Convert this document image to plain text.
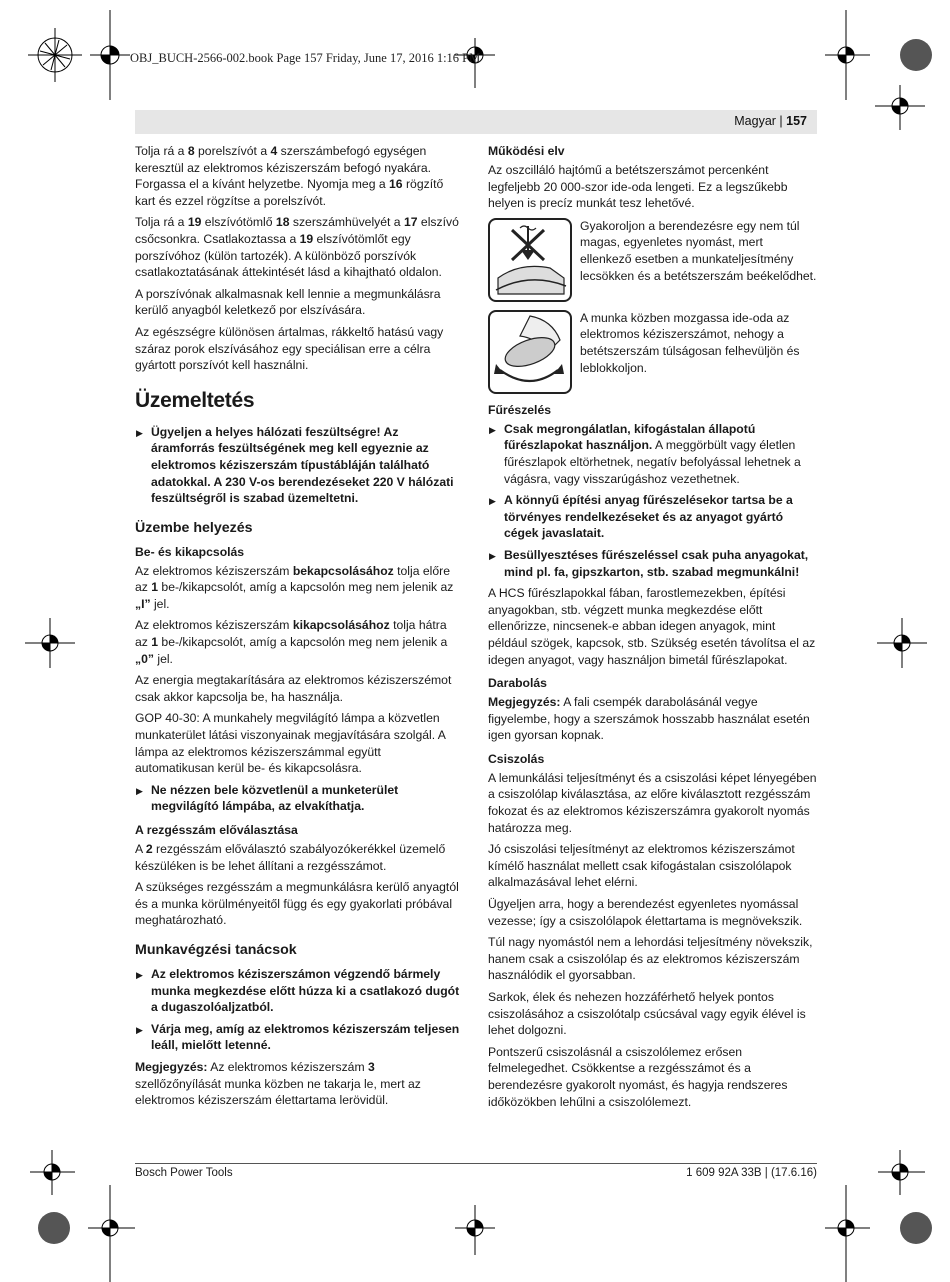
OBJ_BUCH-2566-002.book Page 157 Friday, June 17, 2016 1:16 PM
Magyar | 157

Tolja rá a 8 porelszívót a 4 szerszámbefogó egységen keresztül az elektromos kéziszerszám befogó nyakára. Forgassa el a kívánt helyzetbe. Nyomja meg a 16 rögzítő kart és ezzel rögzítse a porelszívót.

Tolja rá a 19 elszívótömlő 18 szerszámhüvelyét a 17 elszívó csőcsonkra. Csatlakoztassa a 19 elszívótömlőt egy porszívóhoz (külön tartozék). A különböző porszívók csatlakoztatásának áttekintését lásd a kihajtható oldalon.

A porszívónak alkalmasnak kell lennie a megmunkálásra kerülő anyagból keletkező por elszívására.

Az egészségre különösen ártalmas, rákkeltő hatású vagy száraz porok elszívásához egy speciálisan erre a célra gyártott porszívót kell használni.

Üzemeltetés
▶ Ügyeljen a helyes hálózati feszültségre! Az áramforrás feszültségének meg kell egyeznie az elektromos kéziszerszám típustábláján található adatokkal. A 230 V-os berendezéseket 220 V hálózati feszültségről is szabad üzemeltetni.
Üzembe helyezés
Be- és kikapcsolás

Az elektromos kéziszerszám bekapcsolásához tolja előre az 1 be-/kikapcsolót, amíg a kapcsolón meg nem jelenik az „I” jel.

Az elektromos kéziszerszám kikapcsolásához tolja hátra az 1 be-/kikapcsolót, amíg a kapcsolón meg nem jelenik a „0” jel.

Az energia megtakarítására az elektromos kéziszerszémot csak akkor kapcsolja be, ha használja.

GOP 40-30: A munkahely megvilágító lámpa a közvetlen munkaterület látási viszonyainak megjavítására szolgál. A lámpa az elektromos kéziszerszámmal együtt automatikusan kerül be- és kikapcsolásra.

▶ Ne nézzen bele közvetlenül a munketerület megvilágító lámpába, az elvakíthatja.
A rezgésszám előválasztása

A 2 rezgésszám előválasztó szabályozókerékkel üzemelő készüléken is be lehet állítani a rezgésszámot.

A szükséges rezgésszám a megmunkálásra kerülő anyagtól és a munka körülményeitől függ és egy gyakorlati próbával meghatározható.

Munkavégzési tanácsok
▶ Az elektromos kéziszerszámon végzendő bármely munka megkezdése előtt húzza ki a csatlakozó dugót a dugaszolóaljzatból.
▶ Várja meg, amíg az elektromos kéziszerszám teljesen leáll, mielőtt letenné.

Megjegyzés: Az elektromos kéziszerszám 3 szellőzőnyílását munka közben ne takarja le, mert az elektromos kéziszerszám élettartama lerövidül.

Működési elv

Az oszcilláló hajtómű a betétszerszámot percenként legfeljebb 20 000-szor ide-oda lengeti. Ez a legszűkebb helyen is precíz munkát tesz lehetővé.

Gyakoroljon a berendezésre egy nem túl magas, egyenletes nyomást, mert ellenkező esetben a munkateljesítmény lecsökken és a betétszerszám beékelődhet.
A munka közben mozgassa ide-oda az elektromos kéziszerszámot, nehogy a betétszerszám túlságosan felhevüljön és leblokkoljon.
Fűrészelés
▶ Csak megrongálatlan, kifogástalan állapotú fűrészlapokat használjon. A meggörbült vagy életlen fűrészlapok eltörhetnek, negatív befolyással lehetnek a vágásra, vagy visszarúgáshoz vezethetnek.
▶ A könnyű építési anyag fűrészelésekor tartsa be a törvényes rendelkezéseket és az anyagot gyártó cégek javaslatait.
▶ Besüllyesztéses fűrészeléssel csak puha anyagokat, mind pl. fa, gipszkarton, stb. szabad megmunkálni!

A HCS fűrészlapokkal fában, farostlemezekben, építési anyagokban, stb. végzett munka megkezdése előtt ellenőrizze, nincsenek-e abban idegen anyagok, mint például szögek, kapcsok, stb. Szükség esetén távolítsa el az idegen anyagot, vagy használjon bimetál fűrészlapokat.

Darabolás

Megjegyzés: A fali csempék darabolásánál vegye figyelembe, hogy a szerszámok hosszabb használat esetén igen gyorsan kopnak.

Csiszolás

A lemunkálási teljesítményt és a csiszolási képet lényegében a csiszolólap kiválasztása, az előre kiválasztott rezgésszám fokozat és az elektromos kéziszerszámra gyakorolt nyomás határozza meg.

Jó csiszolási teljesítményt az elektromos kéziszerszámot kímélő használat mellett csak kifogástalan csiszolólapok alkalmazásával lehet elérni.

Ügyeljen arra, hogy a berendezést egyenletes nyomással vezesse; így a csiszolólapok élettartama is megnövekszik.

Túl nagy nyomástól nem a lehordási teljesítmény növekszik, hanem csak a csiszolólap és az elektromos kéziszerszám használódik el gyorsabban.

Sarkok, élek és nehezen hozzáférhető helyek pontos csiszolásához a csiszolótalp csúcsával vagy egyik élével is lehet dolgozni.

Pontszerű csiszolásnál a csiszolólemez erősen felmelegedhet. Csökkentse a rezgésszámot és a berendezésre gyakorolt nyomást, és hagyja rendszeres időközökben lehűlni a csiszolólemezt.

Bosch Power Tools	1 609 92A 33B | (17.6.16)
